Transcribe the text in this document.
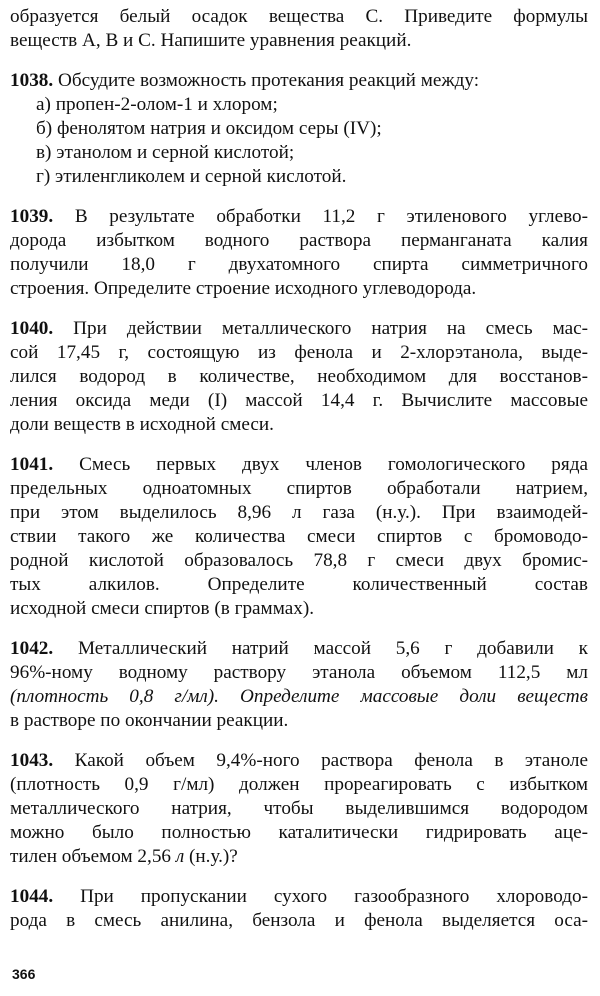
образуется белый осадок вещества С. Приведите формулы
веществ А, В и С. Напишите уравнения реакций.
1038. Обсудите возможность протекания реакций между:
а) пропен-2-олом-1 и хлором;
б) фенолятом натрия и оксидом серы (IV);
в) этанолом и серной кислотой;
г) этиленгликолем и серной кислотой.
1039. В результате обработки 11,2 г этиленового углево-
дорода избытком водного раствора перманганата калия
получили 18,0 г двухатомного спирта симметричного
строения. Определите строение исходного углеводорода.
1040. При действии металлического натрия на смесь мас-
сой 17,45 г, состоящую из фенола и 2-хлорэтанола, выде-
лился водород в количестве, необходимом для восстанов-
ления оксида меди (I) массой 14,4 г. Вычислите массовые
доли веществ в исходной смеси.
1041. Смесь первых двух членов гомологического ряда
предельных одноатомных спиртов обработали натрием,
при этом выделилось 8,96 л газа (н.у.). При взаимодей-
ствии такого же количества смеси спиртов с бромоводо-
родной кислотой образовалось 78,8 г смеси двух бромис-
тых алкилов. Определите количественный состав
исходной смеси спиртов (в граммах).
1042. Металлический натрий массой 5,6 г добавили к
96%-ному водному раствору этанола объемом 112,5 мл
(плотность 0,8 г/мл). Определите массовые доли веществ
в растворе по окончании реакции.
1043. Какой объем 9,4%-ного раствора фенола в этаноле
(плотность 0,9 г/мл) должен прореагировать с избытком
металлического натрия, чтобы выделившимся водородом
можно было полностью каталитически гидрировать аце-
тилен объемом 2,56 л (н.у.)?
1044. При пропускании сухого газообразного хлороводо-
рода в смесь анилина, бензола и фенола выделяется оса-
366
